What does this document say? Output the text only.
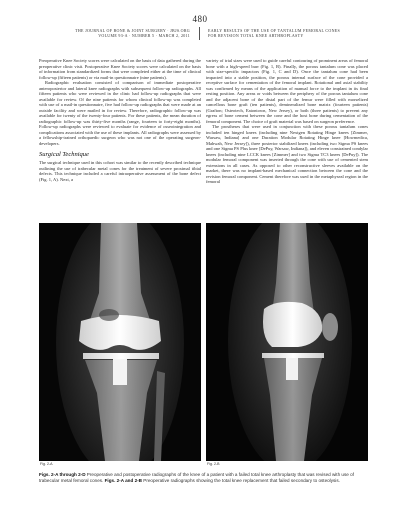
480
THE JOURNAL OF BONE & JOINT SURGERY · JBJS.ORG
VOLUME 93-A · NUMBER 5 · MARCH 2, 2011
EARLY RESULTS OF THE USE OF TANTALUM FEMORAL CONES
FOR REVISION TOTAL KNEE ARTHROPLASTY

Preoperative Knee Society scores were calculated on the basis of data gathered during the preoperative clinic visit. Postoperative Knee Society scores were calculated on the basis of information from standardized forms that were completed either at the time of clinical follow-up (fifteen patients) or via mail-in questionnaire (nine patients).

Radiographic evaluation consisted of comparison of immediate postoperative anteroposterior and lateral knee radiographs with subsequent follow-up radiographs. All fifteen patients who were reviewed in the clinic had follow-up radiographs that were available for review. Of the nine patients for whom clinical follow-up was completed with use of a mail-in questionnaire, five had follow-up radiographs that were made at an outside facility and were mailed in for review. Therefore, radiographic follow-up was available for twenty of the twenty-four patients. For these patients, the mean duration of radiographic follow-up was thirty-five months (range, fourteen to forty-eight months). Follow-up radiographs were reviewed to evaluate for evidence of osseointegration and complications associated with the use of these implants. All radiographs were assessed by a fellowship-trained orthopaedic surgeon who was not one of the operating surgeon-developers.

Surgical Technique

The surgical technique used in this cohort was similar to the recently described technique outlining the use of trabecular metal cones for the treatment of severe proximal tibial defects. This technique included a careful intraoperative assessment of the bone defect (Fig. 1, A). Next, a

variety of trial sizes were used to guide careful contouring of prominent areas of femoral bone with a high-speed burr (Fig. 1, B). Finally, the porous tantalum cone was placed with size-specific impactors (Fig. 1, C and D). Once the tantalum cone had been impacted into a stable position, the porous internal surface of the cone provided a receptive surface for cementation of the femoral implant. Rotational and axial stability was confirmed by means of the application of manual force to the implant in its final resting position. Any areas or voids between the periphery of the porous tantalum cone and the adjacent bone of the distal part of the femur were filled with morselized cancellous bone graft (ten patients), demineralized bone matrix (fourteen patients) (Grafton; Osteotech, Eatontown, New Jersey), or both (three patients) to prevent any egress of bone cement between the cone and the host bone during cementation of the femoral component. The choice of graft material was based on surgeon preference.

The prostheses that were used in conjunction with these porous tantalum cones included ten hinged knees (including nine Nextgen Rotating Hinge knees [Zimmer, Warsaw, Indiana] and one Duration Modular Rotating Hinge knee [Howmedica, Mahwah, New Jersey]), three posterior stabilized knees (including two Sigma PS knees and one Sigma PS Plus knee [DePuy, Warsaw, Indiana]), and eleven constrained condylar knees (including nine LCCK knees [Zimmer] and two Sigma TC3 knees [DePuy]). The modular femoral component was inserted through the cone with use of cemented stem extensions in all cases. As opposed to other reconstructive sleeves available on the market, there was no implant-based mechanical connection between the cone and the revision femoral component. Cement therefore was used in the metaphyseal region in the femoral

Fig. 2-A	Fig. 2-B
Figs. 2-A through 2-D Preoperative and postoperative radiographs of the knee of a patient with a failed total knee arthroplasty that was revised with use of trabecular metal femoral cones. Figs. 2-A and 2-B Preoperative radiographs showing the total knee replacement that failed secondary to osteolysis.
